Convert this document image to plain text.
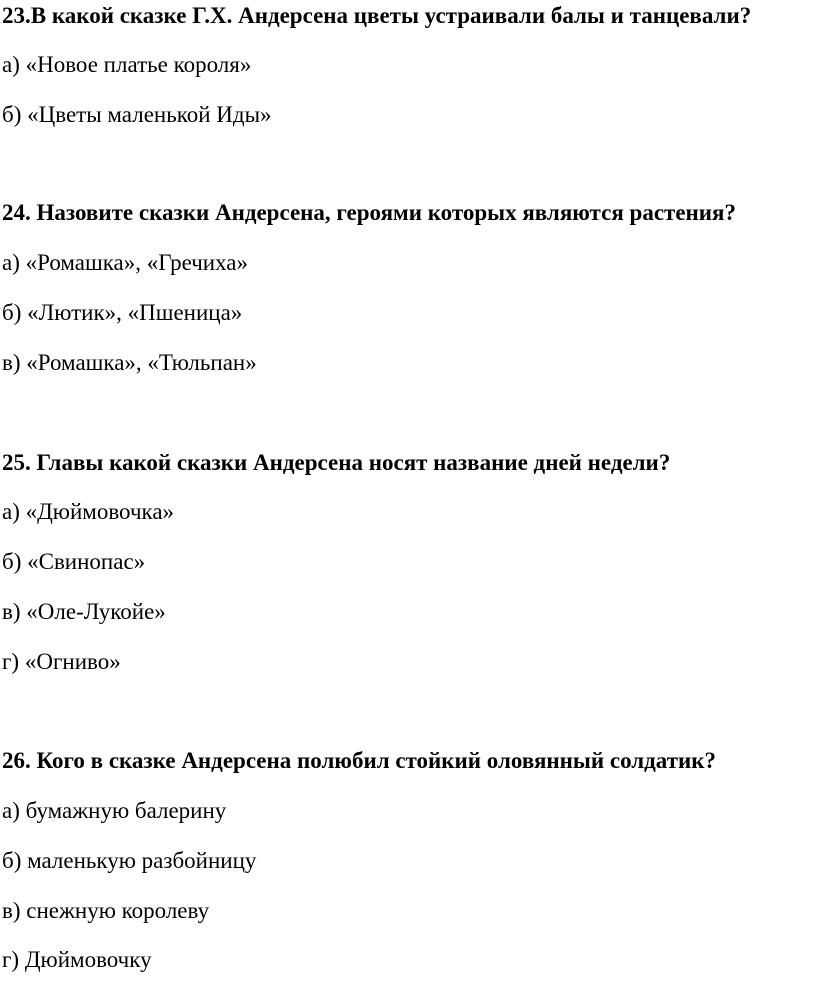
23.В какой сказке Г.Х. Андерсена цветы устраивали балы и танцевали?
а) «Новое платье короля»
б) «Цветы маленькой Иды»
24. Назовите сказки Андерсена, героями которых являются растения?
а) «Ромашка», «Гречиха»
б) «Лютик», «Пшеница»
в) «Ромашка», «Тюльпан»
25. Главы какой сказки Андерсена носят название дней недели?
а) «Дюймовочка»
б) «Свинопас»
в) «Оле-Лукойе»
г) «Огниво»
26. Кого в сказке Андерсена полюбил стойкий оловянный солдатик?
а) бумажную балерину
б) маленькую разбойницу
в) снежную королеву
г) Дюймовочку
